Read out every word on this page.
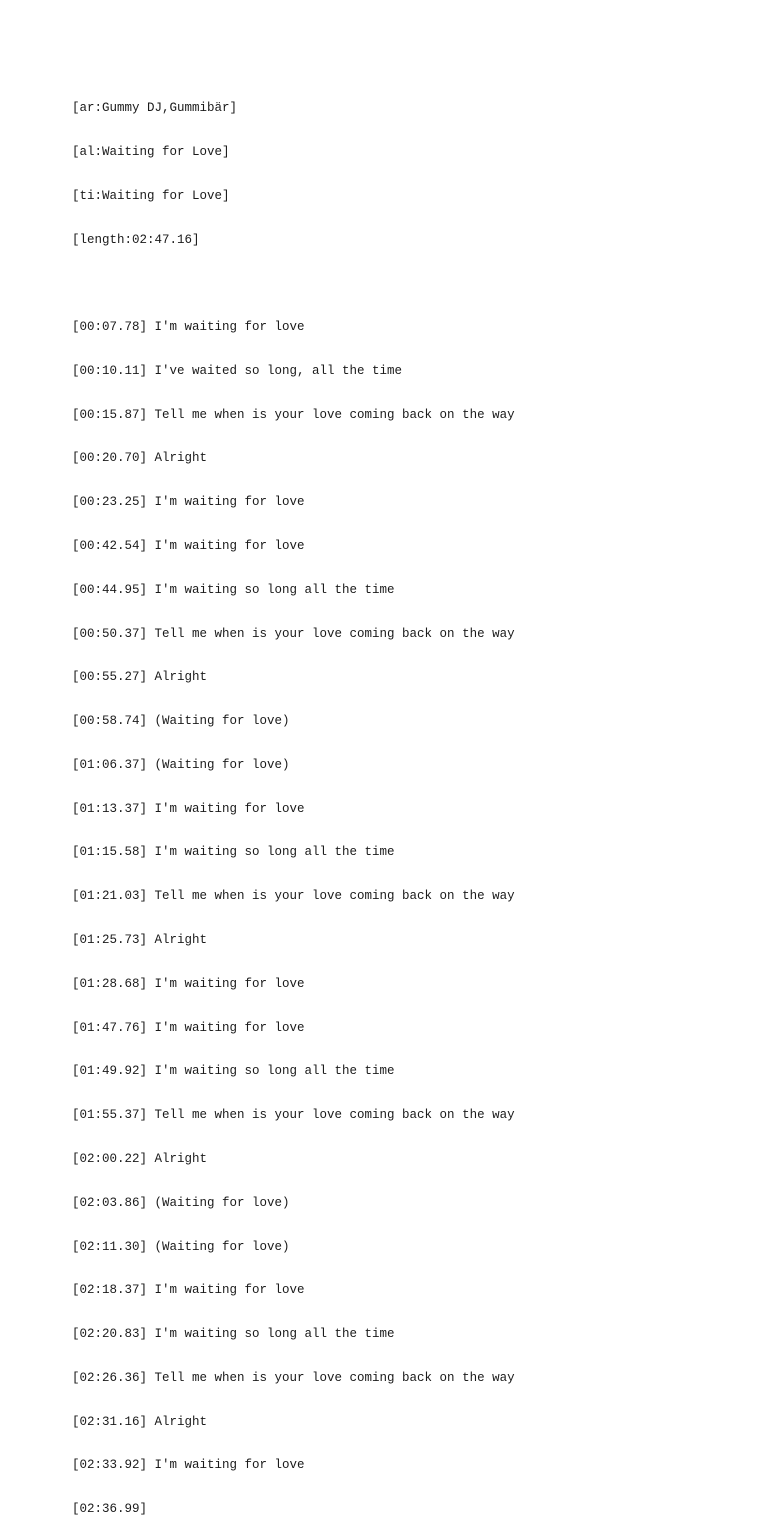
[ar:Gummy DJ,Gummibär]

[al:Waiting for Love]

[ti:Waiting for Love]

[length:02:47.16]

[00:07.78] I'm waiting for love

[00:10.11] I've waited so long, all the time

[00:15.87] Tell me when is your love coming back on the way

[00:20.70] Alright

[00:23.25] I'm waiting for love

[00:42.54] I'm waiting for love

[00:44.95] I'm waiting so long all the time

[00:50.37] Tell me when is your love coming back on the way

[00:55.27] Alright

[00:58.74] (Waiting for love)

[01:06.37] (Waiting for love)

[01:13.37] I'm waiting for love

[01:15.58] I'm waiting so long all the time

[01:21.03] Tell me when is your love coming back on the way

[01:25.73] Alright

[01:28.68] I'm waiting for love

[01:47.76] I'm waiting for love

[01:49.92] I'm waiting so long all the time

[01:55.37] Tell me when is your love coming back on the way

[02:00.22] Alright

[02:03.86] (Waiting for love)

[02:11.30] (Waiting for love)

[02:18.37] I'm waiting for love

[02:20.83] I'm waiting so long all the time

[02:26.36] Tell me when is your love coming back on the way

[02:31.16] Alright

[02:33.92] I'm waiting for love

[02:36.99]
